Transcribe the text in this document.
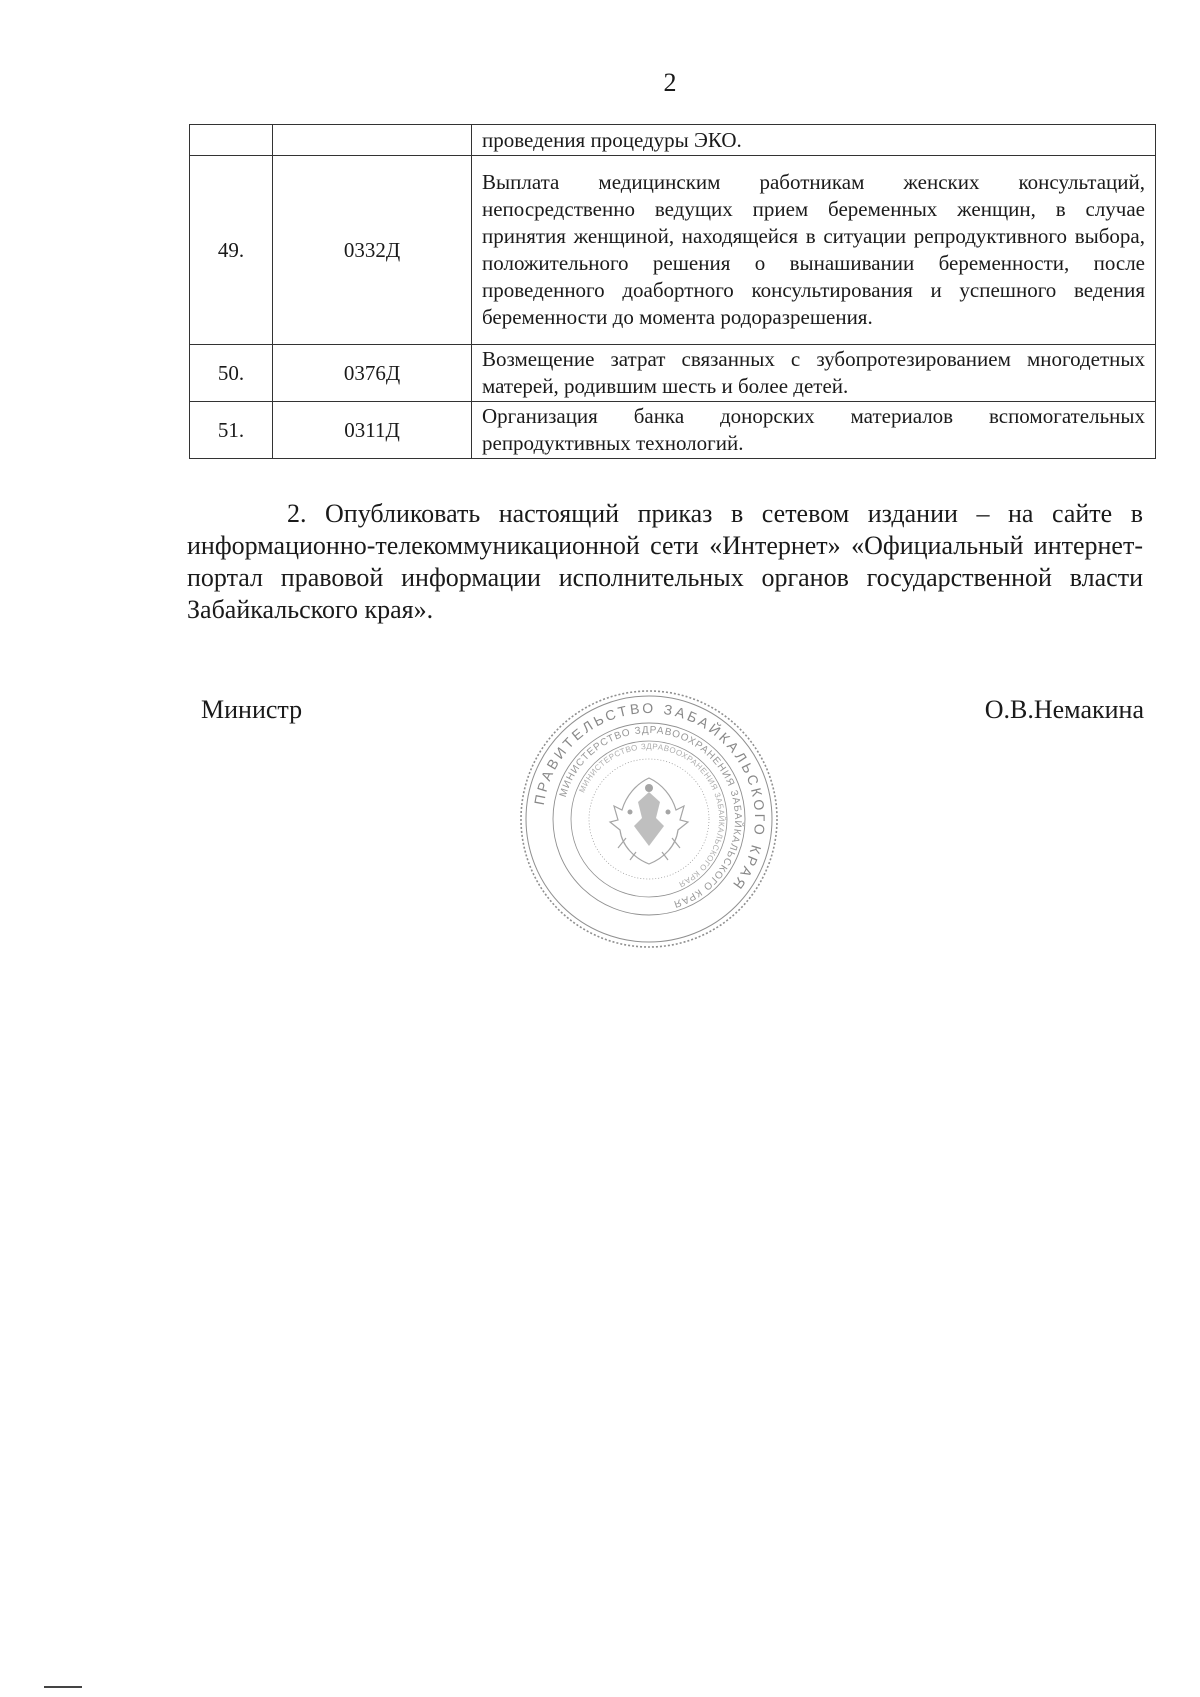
2
		проведения процедуры ЭКО.
49.	0332Д	Выплата медицинским работникам женских консультаций, непосредственно ведущих прием беременных женщин, в случае принятия женщиной, находящейся в ситуации репродуктивного выбора, положительного решения о вынашивании беременности, после проведенного доабортного консультирования и успешного ведения беременности до момента родоразрешения.
50.	0376Д	Возмещение затрат связанных с зубопротезированием многодетных матерей, родившим шесть и более детей.
51.	0311Д	Организация банка донорских материалов вспомогательных репродуктивных технологий.
2. Опубликовать настоящий приказ в сетевом издании – на сайте в информационно-телекоммуникационной сети «Интернет» «Официальный интернет-портал правовой информации исполнительных органов государственной власти Забайкальского края».
Министр	О.В.Немакина
ПРАВИТЕЛЬСТВО ЗАБАЙКАЛЬСКОГО КРАЯ
МИНИСТЕРСТВО ЗДРАВООХРАНЕНИЯ ЗАБАЙКАЛЬСКОГО КРАЯ
МИНИСТЕРСТВО ЗДРАВООХРАНЕНИЯ ЗАБАЙКАЛЬСКОГО КРАЯ
